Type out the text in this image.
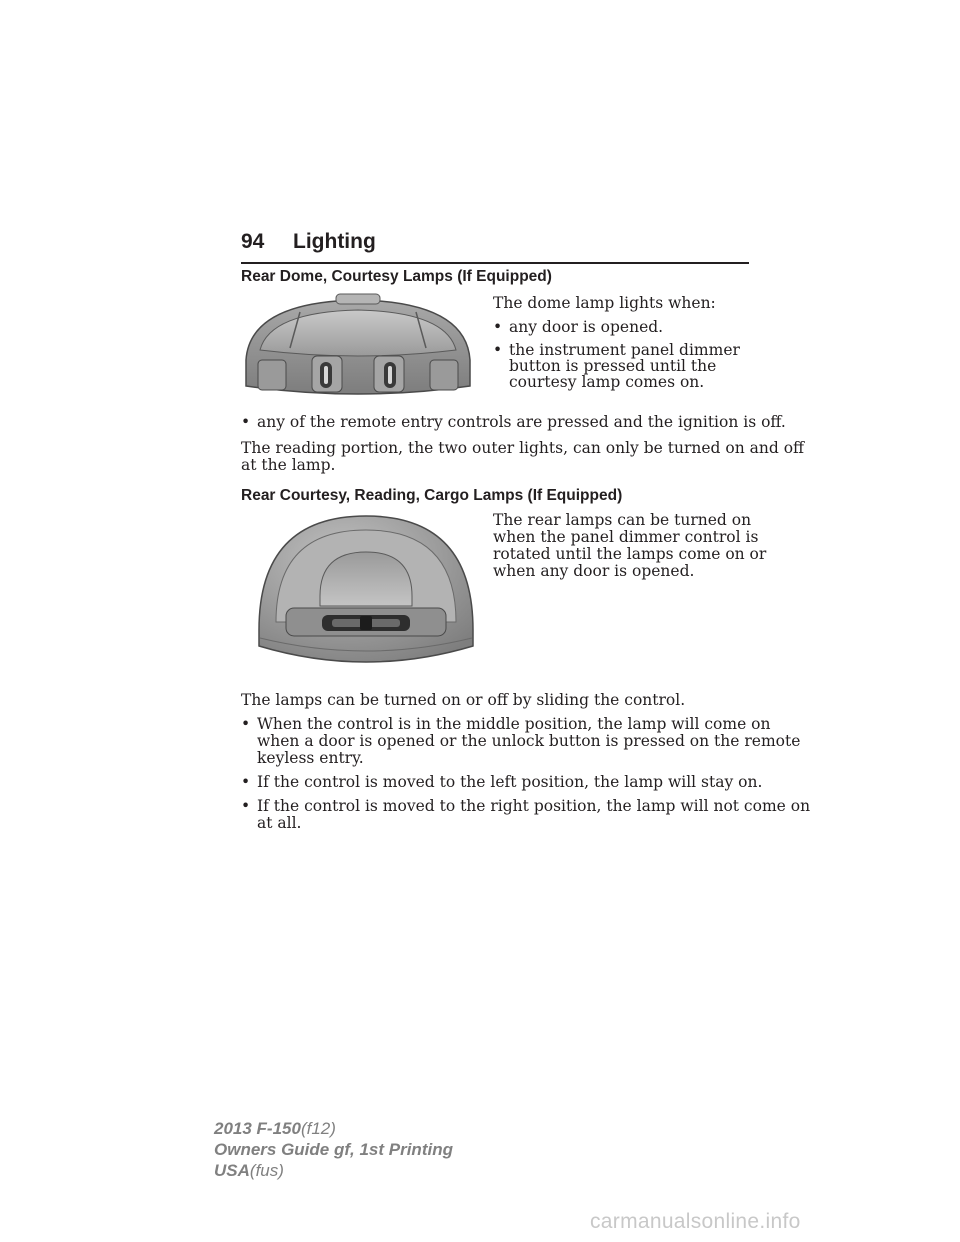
94 Lighting
Rear Dome, Courtesy Lamps (If Equipped)
The dome lamp lights when:
• any door is opened.
• the instrument panel dimmer
button is pressed until the
courtesy lamp comes on.
• any of the remote entry controls are pressed and the ignition is off.
The reading portion, the two outer lights, can only be turned on and off
at the lamp.
Rear Courtesy, Reading, Cargo Lamps (If Equipped)
The rear lamps can be turned on
when the panel dimmer control is
rotated until the lamps come on or
when any door is opened.
The lamps can be turned on or off by sliding the control.
• When the control is in the middle position, the lamp will come on
when a door is opened or the unlock button is pressed on the remote
keyless entry.
• If the control is moved to the left position, the lamp will stay on.
• If the control is moved to the right position, the lamp will not come on
at all.
2013 F-150(f12)
Owners Guide gf, 1st Printing
USA(fus)
carmanualsonline.info
